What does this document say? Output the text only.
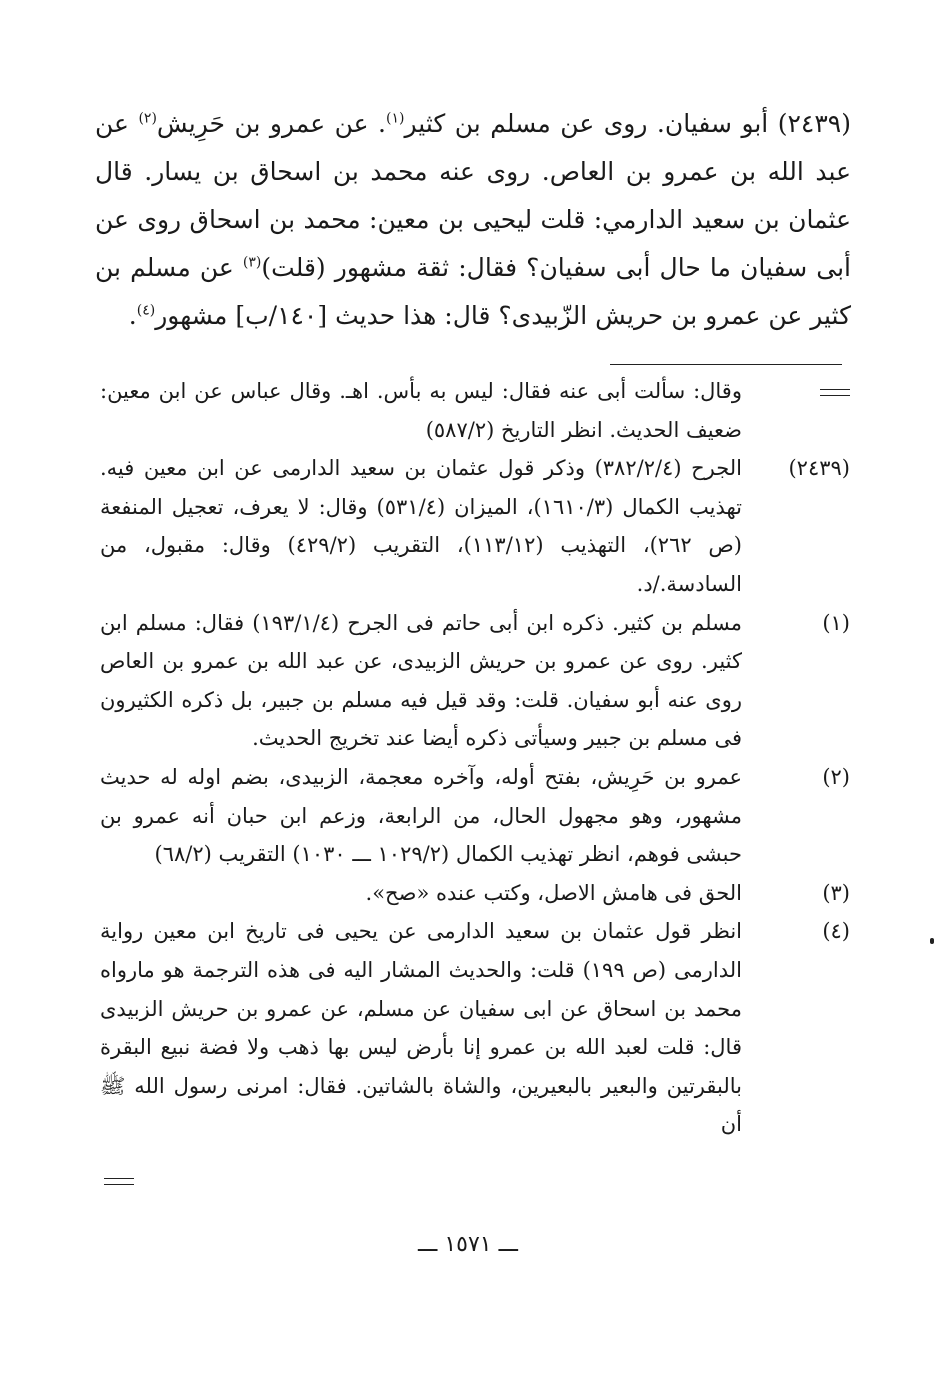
(٢٤٣٩) أبو سفيان. روى عن مسلم بن كثير$^{(١)}$. عن عمرو بن حَرِيش$^{(٢)}$ عن عبد الله بن عمرو بن العاص. روى عنه محمد بن اسحاق بن يسار. قال عثمان بن سعيد الدارمي: قلت ليحيى بن معين: محمد بن اسحاق روى عن أبى سفيان ما حال أبى سفيان؟ فقال: ثقة مشهور (قلت)$^{(٣)}$ عن مسلم بن كثير عن عمرو بن حريش الزّبيدى؟ قال: هذا حديث [١٤٠/ب] مشهور$^{(٤)}$.
وقال: سألت أبى عنه فقال: ليس به بأس. اهـ. وقال عباس عن ابن معين: ضعيف الحديث. انظر التاريخ (٥٨٧/٢)
(٢٤٣٩)
الجرح (٣٨٢/٢/٤) وذكر قول عثمان بن سعيد الدارمى عن ابن معين فيه. تهذيب الكمال (١٦١٠/٣)، الميزان (٥٣١/٤) وقال: لا يعرف، تعجيل المنفعة (ص ٢٦٢)، التهذيب (١١٣/١٢)، التقريب (٤٢٩/٢) وقال: مقبول، من السادسة./د.
(١)
مسلم بن كثير. ذكره ابن أبى حاتم فى الجرح (١٩٣/١/٤) فقال: مسلم ابن كثير. روى عن عمرو بن حريش الزبيدى، عن عبد الله بن عمرو بن العاص روى عنه أبو سفيان. قلت: وقد قيل فيه مسلم بن جبير، بل ذكره الكثيرون فى مسلم بن جبير وسيأتى ذكره أيضا عند تخريج الحديث.
(٢)
عمرو بن حَرِيش، بفتح أوله، وآخره معجمة، الزبيدى، بضم اوله له حديث مشهور، وهو مجهول الحال، من الرابعة، وزعم ابن حبان أنه عمرو بن حبشى فوهم، انظر تهذيب الكمال (١٠٢٩/٢ ـــ ١٠٣٠) التقريب (٦٨/٢)
(٣)
الحق فى هامش الاصل، وكتب عنده «صح».
(٤)
انظر قول عثمان بن سعيد الدارمى عن يحيى فى تاريخ ابن معين رواية الدارمى (ص ١٩٩) قلت: والحديث المشار اليه فى هذه الترجمة هو مارواه محمد بن اسحاق عن ابى سفيان عن مسلم، عن عمرو بن حريش الزبيدى قال: قلت لعبد الله بن عمرو إنا بأرض ليس بها ذهب ولا فضة نبيع البقرة بالبقرتين والبعير بالبعيرين، والشاة بالشاتين. فقال: امرنى رسول الله ﷺ أن
ـــ ١٥٧١ ـــ
